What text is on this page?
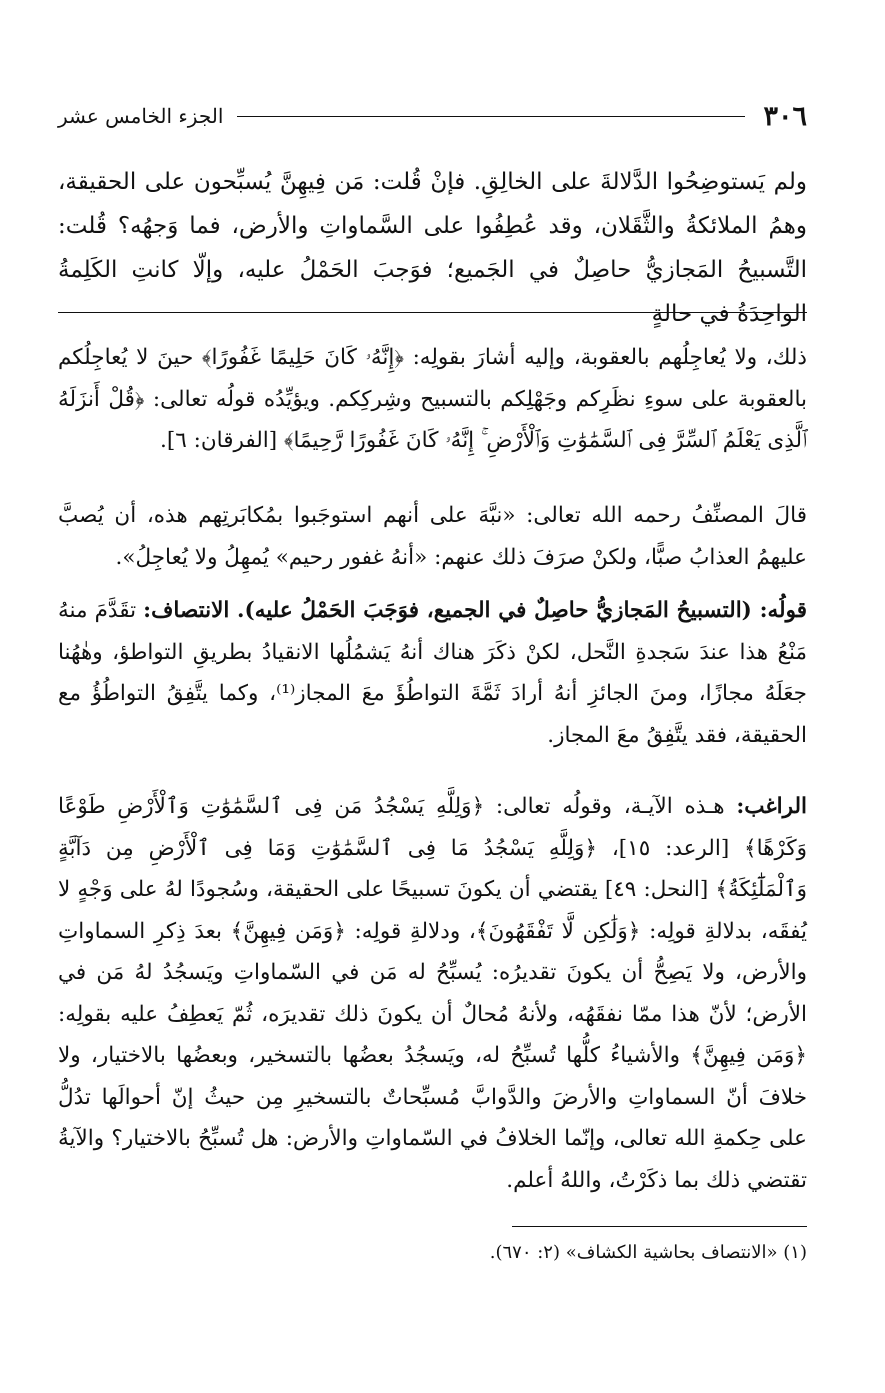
٣٠٦
الجزء الخامس عشر

ولم يَستوضِحُوا الدَّلالةَ على الخالِقِ. فإنْ قُلت: مَن فِيهِنَّ يُسبِّحون على الحقيقة، وهمُ الملائكةُ والثَّقَلان، وقد عُطِفُوا على السَّماواتِ والأرض، فما وَجهُه؟ قُلت: التَّسبيحُ المَجازيُّ حاصِلٌ في الجَميع؛ فوَجبَ الحَمْلُ عليه، وإلّا كانتِ الكَلِمةُ الواحِدَةُ في حالةٍ

ذلك، ولا يُعاجِلُهم بالعقوبة، وإليه أشارَ بقولِه: ﴿إِنَّهُۥ كَانَ حَلِيمًا غَفُورًا﴾ حينَ لا يُعاجِلُكم بالعقوبة على سوءِ نظَرِكم وجَهْلِكم بالتسبيح وشِركِكم. ويؤيِّدُه قولُه تعالى: ﴿قُلْ أَنزَلَهُ ٱلَّذِى يَعْلَمُ ٱلسِّرَّ فِى ٱلسَّمَٰوَٰتِ وَٱلْأَرْضِ ۚ إِنَّهُۥ كَانَ غَفُورًا رَّحِيمًا﴾ [الفرقان: ٦].

قالَ المصنِّفُ رحمه الله تعالى: «نبَّهَ على أنهم استوجَبوا بمُكابَرتِهم هذه، أن يُصبَّ عليهمُ العذابُ صبًّا، ولكنْ صرَفَ ذلك عنهم: «أنهُ غفور رحيم» يُمهِلُ ولا يُعاجِلُ».

قولُه: (التسبيحُ المَجازيُّ حاصِلٌ في الجميع، فوَجَبَ الحَمْلُ عليه). الانتصاف: تقَدَّمَ منهُ مَنْعُ هذا عندَ سَجدةِ النَّحل، لكنْ ذكَرَ هناك أنهُ يَشمُلُها الانقيادُ بطريقِ التواطؤ، وهٰهُنا جعَلَهُ مجازًا، ومنَ الجائزِ أنهُ أرادَ ثَمَّةَ التواطُؤَ معَ المجاز⁽¹⁾، وكما يتَّفِقُ التواطُؤُ مع الحقيقة، فقد يتَّفِقُ معَ المجاز.

الراغب: هـذه الآيـة، وقولُه تعالى: ﴿وَلِلَّهِ يَسْجُدُ مَن فِى ٱلسَّمَٰوَٰتِ وَٱلْأَرْضِ طَوْعًا وَكَرْهًا﴾ [الرعد: ١٥]، ﴿وَلِلَّهِ يَسْجُدُ مَا فِى ٱلسَّمَٰوَٰتِ وَمَا فِى ٱلْأَرْضِ مِن دَآبَّةٍ وَٱلْمَلَٰٓئِكَةُ﴾ [النحل: ٤٩] يقتضي أن يكونَ تسبيحًا على الحقيقة، وسُجودًا لهُ على وَجْهٍ لا يُفقَه، بدلالةِ قولِه: ﴿وَلَٰكِن لَّا تَفْقَهُونَ﴾، ودلالةِ قولِه: ﴿وَمَن فِيهِنَّ﴾ بعدَ ذِكرِ السماواتِ والأرض، ولا يَصِحُّ أن يكونَ تقديرُه: يُسبِّحُ له مَن في السّماواتِ ويَسجُدُ لهُ مَن في الأرض؛ لأنّ هذا ممّا نفقَهُه، ولأنهُ مُحالٌ أن يكونَ ذلك تقديرَه، ثُمّ يَعطِفُ عليه بقولِه: ﴿وَمَن فِيهِنَّ﴾ والأشياءُ كلُّها تُسبِّحُ له، ويَسجُدُ بعضُها بالتسخير، وبعضُها بالاختيار، ولا خلافَ أنّ السماواتِ والأرضَ والدَّوابَّ مُسبِّحاتٌ بالتسخيرِ مِن حيثُ إنّ أحوالَها تدُلُّ على حِكمةِ الله تعالى، وإنّما الخلافُ في السّماواتِ والأرض: هل تُسبِّحُ بالاختيار؟ والآيةُ تقتضي ذلك بما ذكَرْتُ، واللهُ أعلم.

(١) «الانتصاف بحاشية الكشاف» (٢: ٦٧٠).
